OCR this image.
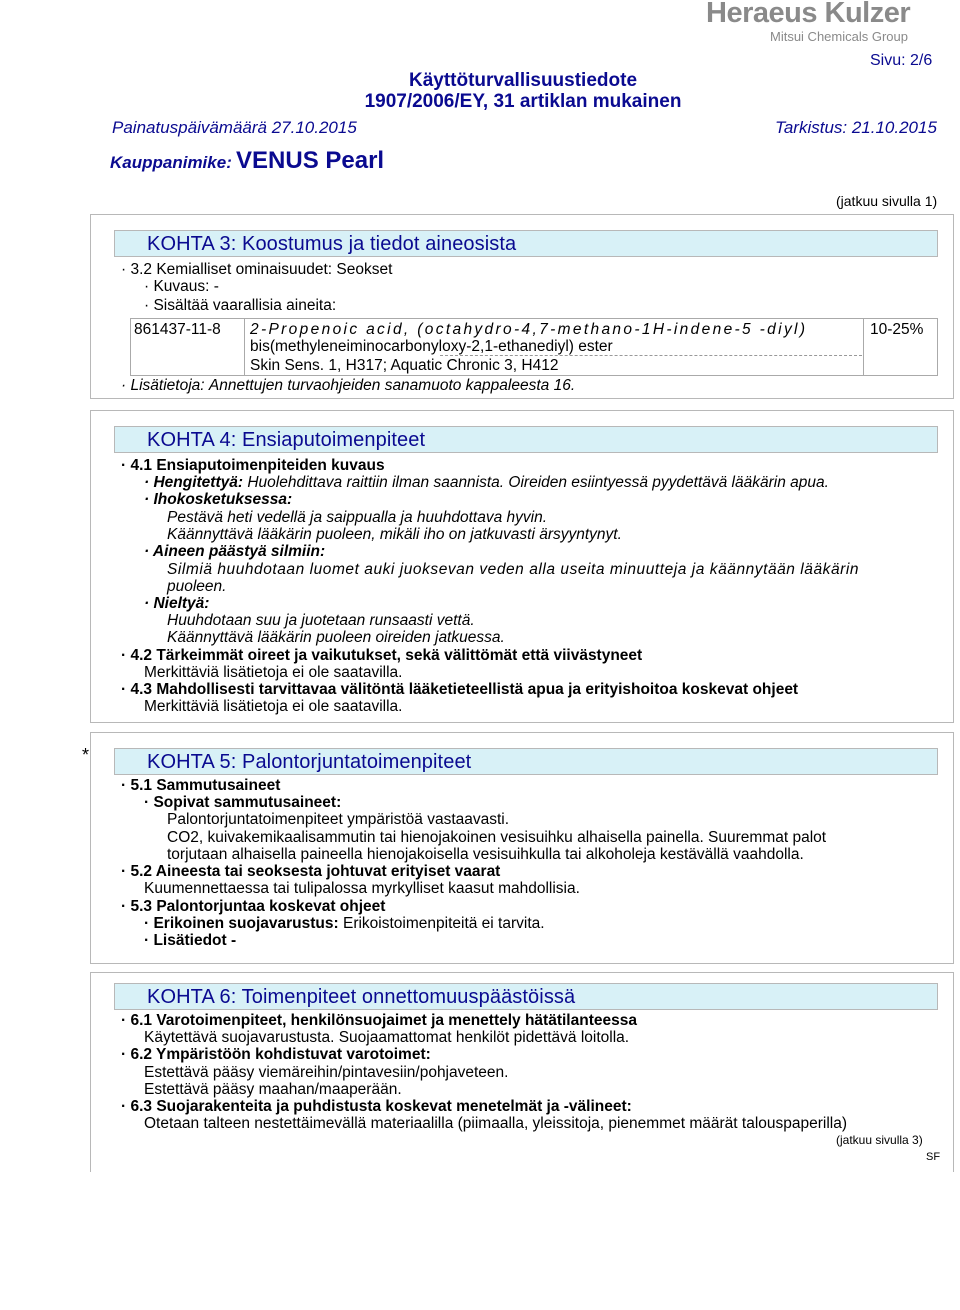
Heraeus Kulzer
Mitsui Chemicals Group
Sivu: 2/6
Käyttöturvallisuustiedote
1907/2006/EY, 31 artiklan mukainen
Painatuspäivämäärä 27.10.2015	Tarkistus: 21.10.2015
Kauppanimike: VENUS Pearl
(jatkuu sivulla 1)
KOHTA 3: Koostumus ja tiedot aineosista
· 3.2 Kemialliset ominaisuudet: Seokset
· Kuvaus: -
· Sisältää vaarallisia aineita:
861437-11-8 2-Propenoic acid, (octahydro-4,7-methano-1H-indene-5 -diyl)
bis(methyleneiminocarbonyloxy-2,1-ethanediyl) ester
Skin Sens. 1, H317; Aquatic Chronic 3, H412
10-25%
· Lisätietoja: Annettujen turvaohjeiden sanamuoto kappaleesta 16.
KOHTA 4: Ensiaputoimenpiteet
· 4.1 Ensiaputoimenpiteiden kuvaus
· Hengitettyä: Huolehdittava raittiin ilman saannista. Oireiden esiintyessä pyydettävä lääkärin apua.
· Ihokosketuksessa:
Pestävä heti vedellä ja saippualla ja huuhdottava hyvin.
Käännyttävä lääkärin puoleen, mikäli iho on jatkuvasti ärsyyntynyt.
· Aineen päästyä silmiin:
Silmiä huuhdotaan luomet auki juoksevan veden alla useita minuutteja ja käännytään lääkärin
puoleen.
· Nieltyä:
Huuhdotaan suu ja juotetaan runsaasti vettä.
Käännyttävä lääkärin puoleen oireiden jatkuessa.
· 4.2 Tärkeimmät oireet ja vaikutukset, sekä välittömät että viivästyneet
Merkittäviä lisätietoja ei ole saatavilla.
· 4.3 Mahdollisesti tarvittavaa välitöntä lääketieteellistä apua ja erityishoitoa koskevat ohjeet
Merkittäviä lisätietoja ei ole saatavilla.
*	KOHTA 5: Palontorjuntatoimenpiteet
· 5.1 Sammutusaineet
· Sopivat sammutusaineet:
Palontorjuntatoimenpiteet ympäristöä vastaavasti.
CO2, kuivakemikaalisammutin tai hienojakoinen vesisuihku alhaisella painella. Suuremmat palot
torjutaan alhaisella paineella hienojakoisella vesisuihkulla tai alkoholeja kestävällä vaahdolla.
· 5.2 Aineesta tai seoksesta johtuvat erityiset vaarat
Kuumennettaessa tai tulipalossa myrkylliset kaasut mahdollisia.
· 5.3 Palontorjuntaa koskevat ohjeet
· Erikoinen suojavarustus: Erikoistoimenpiteitä ei tarvita.
· Lisätiedot -
KOHTA 6: Toimenpiteet onnettomuuspäästöissä
· 6.1 Varotoimenpiteet, henkilönsuojaimet ja menettely hätätilanteessa
Käytettävä suojavarustusta. Suojaamattomat henkilöt pidettävä loitolla.
· 6.2 Ympäristöön kohdistuvat varotoimet:
Estettävä pääsy viemäreihin/pintavesiin/pohjaveteen.
Estettävä pääsy maahan/maaperään.
· 6.3 Suojarakenteita ja puhdistusta koskevat menetelmät ja -välineet:
Otetaan talteen nestettäimevällä materiaalilla (piimaalla, yleissitoja, pienemmet määrät talouspaperilla)
(jatkuu sivulla 3)
SF
